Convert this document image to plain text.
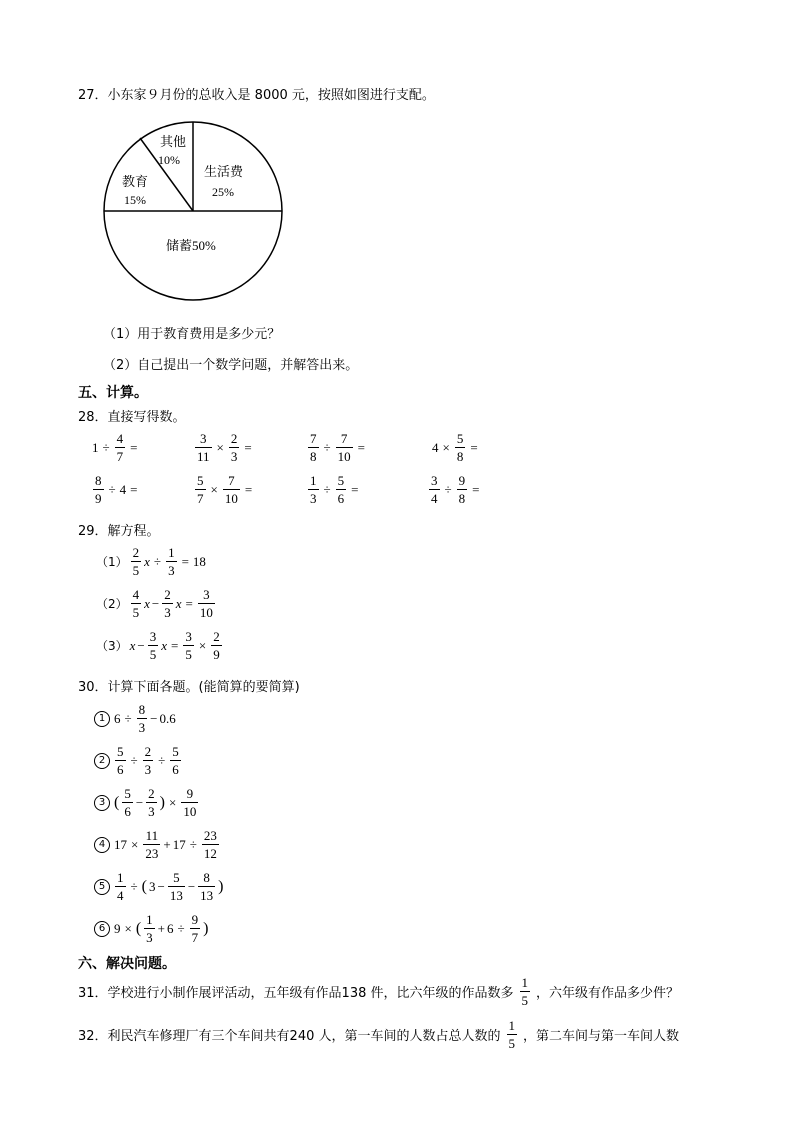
27．小东家９月份的总收入是 8000 元，按照如图进行支配。
其他
10%
教育
15%
生活费
25%
储蓄50%
（1）用于教育费用是多少元？
（2）自己提出一个数学问题，并解答出来。
五、计算。
28．直接写得数。
$1 \div \frac{4}{7}$ =	$\frac{3}{11} \times \frac{2}{3}$ =	$\frac{7}{8} \div \frac{7}{10}$ =	$4 \times \frac{5}{8}$ =
$\frac{8}{9} \div 4$ =	$\frac{5}{7} \times \frac{7}{10}$ =	$\frac{1}{3} \div \frac{5}{6}$ =	$\frac{3}{4} \div \frac{9}{8}$ =
29．解方程。
$(1) \frac{2}{5}$ $x \div \frac{1}{3} = 18$
$(2) \frac{4}{5}$ $x - \frac{2}{3}$ $x = \frac{3}{10}$
（3） $x - \frac{3}{5}$ $x = \frac{3}{5} \times \frac{2}{9}$
30．计算下面各题。(能简算的要简算)
1 $6 \div \frac{8}{3} - 0.6$
$2 \frac{5}{6} \div \frac{2}{3} \div \frac{5}{6}$
3 ( $\frac{5}{6} - \frac{2}{3}$ ) × $\frac{9}{10}$
4 $17 \times \frac{11}{23} + 17 \div \frac{23}{12}$
$5 \frac{1}{4}$ ÷ ( $3 - \frac{5}{13} - \frac{8}{13}$ )
6 9 × ( $\frac{1}{3} + 6 \div \frac{9}{7}$ )
六、解决问题。
31．学校进行小制作展评活动，五年级有作品138 件，比六年级的作品数多 $\frac{1}{5}$ ，六年级有作品多少件？
32．利民汽车修理厂有三个车间共有240 人，第一车间的人数占总人数的 $\frac{1}{5}$ ，第二车间与第一车间人数
